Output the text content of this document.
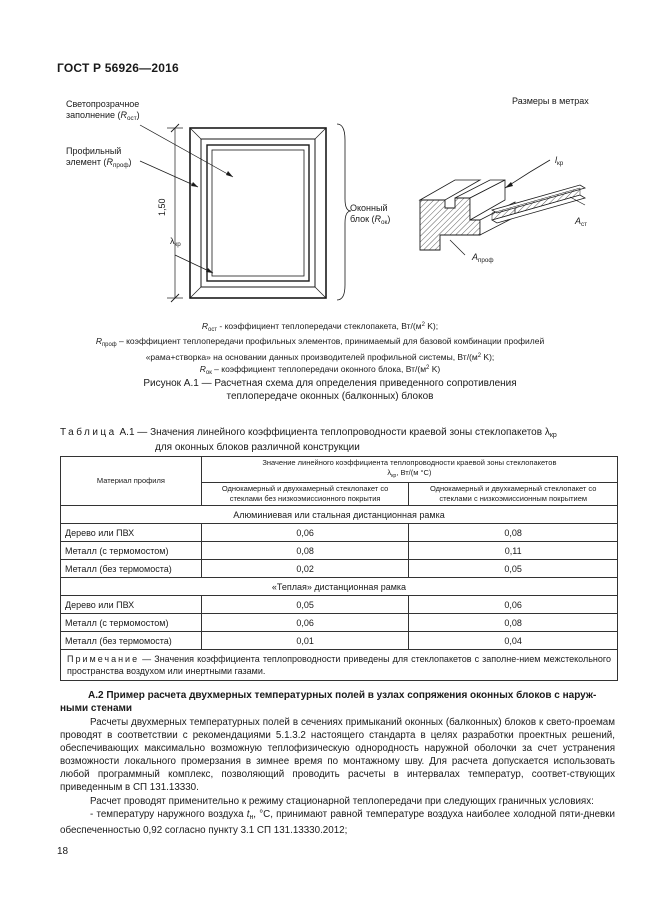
ГОСТ Р 56926—2016
Светопрозрачное
заполнение $(R_{ост})$
Профильный
элемент $(R_{проф})$
1,50
$\lambda_{кр}$
Оконный
блок $(R_{ок})$
Размеры в метрах
$l_{кр}$
$A_{ст}$
$A_{проф}$
$R_{ост}$ - коэффициент теплопередачи стеклопакета, $Вт/(м^2$ K);
$R_{проф}$ – коэффициент теплопередачи профильных элементов, принимаемый для базовой комбинации профилей
«рама+створка» на основании данных производителей профильной системы, $Вт/(м^2$ K);
$R_{ок}$ – коэффициент теплопередачи оконного блока, $Вт/(м^2$ K)
Рисунок А.1 — Расчетная схема для определения приведенного сопротивления
теплопередаче оконных (балконных) блоков
Таблица А.1 — Значения линейного коэффициента теплопроводности краевой зоны стеклопакетов $\lambda_{кр}$
для оконных блоков различной конструкции
Материал профиля	Значение линейного коэффициента теплопроводности краевой зоны стеклопакетов
$\lambda_{кр}$, Вт/(м °С)	

	Однокамерный и двухкамерный стеклопакет со стеклами без низкоэмиссионного покрытия	Однокамерный и двухкамерный стеклопакет со стеклами с низкоэмиссионным покрытием
Алюминиевая или стальная дистанционная рамка		
Дерево или ПВХ	0,06	0,08
Металл (с термомостом)	0,08	0,11
Металл (без термомоста)	0,02	0,05
«Теплая» дистанционная рамка		
Дерево или ПВХ	0,05	0,06
Металл (с термомостом)	0,06	0,08
Металл (без термомоста)	0,01	0,04
Примечание — Значения коэффициента теплопроводности приведены для стеклопакетов с заполне-нием межстекольного пространства воздухом или инертными газами.		
А.2 Пример расчета двухмерных температурных полей в узлах сопряжения оконных блоков с наруж-ными стенами

Расчеты двухмерных температурных полей в сечениях примыканий оконных (балконных) блоков к свето-проемам проводят в соответствии с рекомендациями 5.1.3.2 настоящего стандарта в целях разработки проектных решений, обеспечивающих максимально возможную теплофизическую однородность наружной оболочки за счет устранения возможности локального промерзания в зимнее время по монтажному шву. Для расчета допускается использовать любой программный комплекс, позволяющий проводить расчеты в интервалах температур, соответ-ствующих приведенным в СП 131.13330.

Расчет проводят применительно к режиму стационарной теплопередачи при следующих граничных условиях:

- температуру наружного воздуха $t_н$, °С, принимают равной температуре воздуха наиболее холодной пяти-дневки обеспеченностью 0,92 согласно пункту 3.1 СП 131.13330.2012;

18
